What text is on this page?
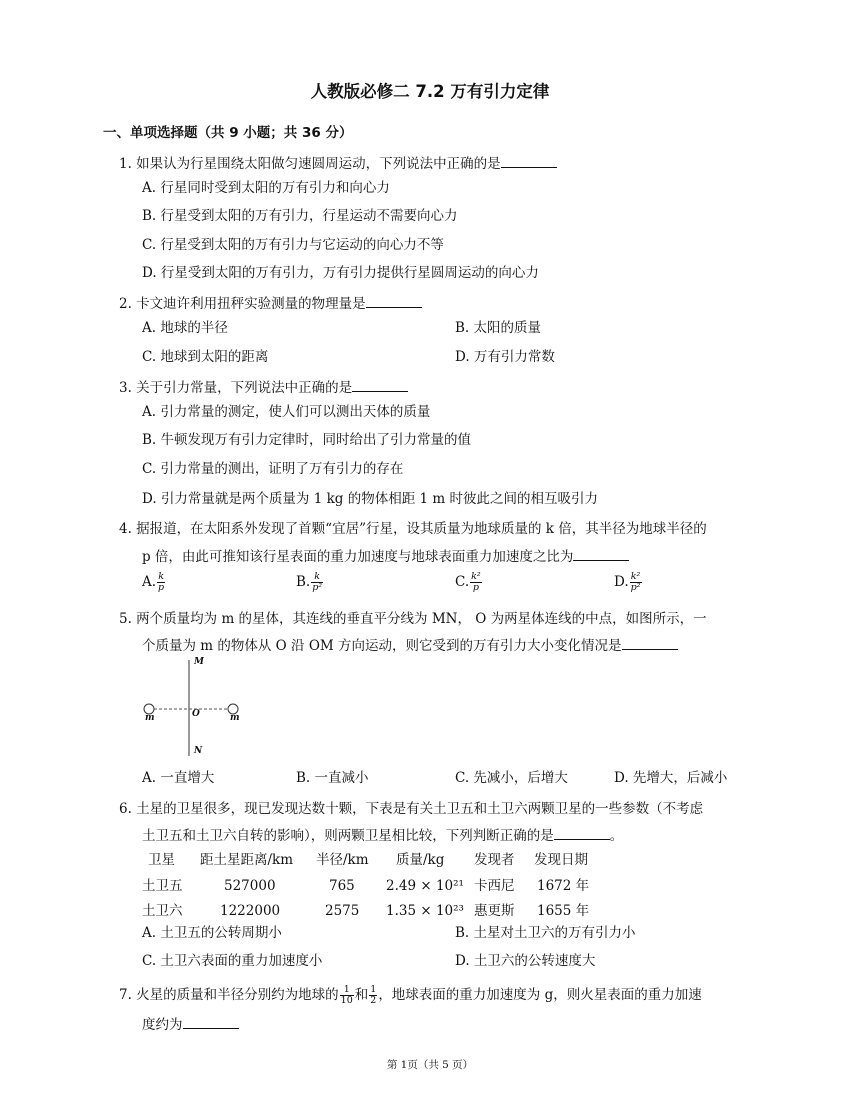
人教版必修二 7.2 万有引力定律
一、单项选择题（共 9 小题；共 36 分）
1. 如果认为行星围绕太阳做匀速圆周运动，下列说法中正确的是
A. 行星同时受到太阳的万有引力和向心力
B. 行星受到太阳的万有引力，行星运动不需要向心力
C. 行星受到太阳的万有引力与它运动的向心力不等
D. 行星受到太阳的万有引力，万有引力提供行星圆周运动的向心力
2. 卡文迪许利用扭秤实验测量的物理量是
A. 地球的半径	B. 太阳的质量
C. 地球到太阳的距离	D. 万有引力常数
3. 关于引力常量，下列说法中正确的是
A. 引力常量的测定，使人们可以测出天体的质量
B. 牛顿发现万有引力定律时，同时给出了引力常量的值
C. 引力常量的测出，证明了万有引力的存在
D. 引力常量就是两个质量为 1 kg 的物体相距 1 m 时彼此之间的相互吸引力
4. 据报道，在太阳系外发现了首颗“宜居”行星，设其质量为地球质量的 k 倍，其半径为地球半径的
p 倍，由此可推知该行星表面的重力加速度与地球表面重力加速度之比为
A. $\frac{k}{p}$	B. $\frac{k}{\text{p²}}$	C. $\frac{\text{k²}}{p}$	D. $\frac{\text{k²}}{\text{p²}}$
5. 两个质量均为 m 的星体，其连线的垂直平分线为 MN， O 为两星体连线的中点，如图所示，一
个质量为 m 的物体从 O 沿 OM 方向运动，则它受到的万有引力大小变化情况是
M
N
O
m	m
A. 一直增大	B. 一直减小	C. 先减小，后增大	D. 先增大，后减小
6. 土星的卫星很多，现已发现达数十颗，下表是有关土卫五和土卫六两颗卫星的一些参数（不考虑
土卫五和土卫六自转的影响），则两颗卫星相比较，下列判断正确的是	。
卫星 距土星距离/km 半径/km 质量/kg 发现者 发现日期
土卫五	527000	765 2.49 × 10²¹ 卡西尼 1672 年
土卫六	1222000	2575 1.35 × 10²³ 惠更斯 1655 年
A. 土卫五的公转周期小	B. 土星对土卫六的万有引力小
C. 土卫六表面的重力加速度小	D. 土卫六的公转速度大
7. 火星的质量和半径分别约为地球的 $\frac{1}{10}$ 和 $\frac{1}{2}$ ，地球表面的重力加速度为 g，则火星表面的重力加速
度约为
第 1页（共 5 页）
